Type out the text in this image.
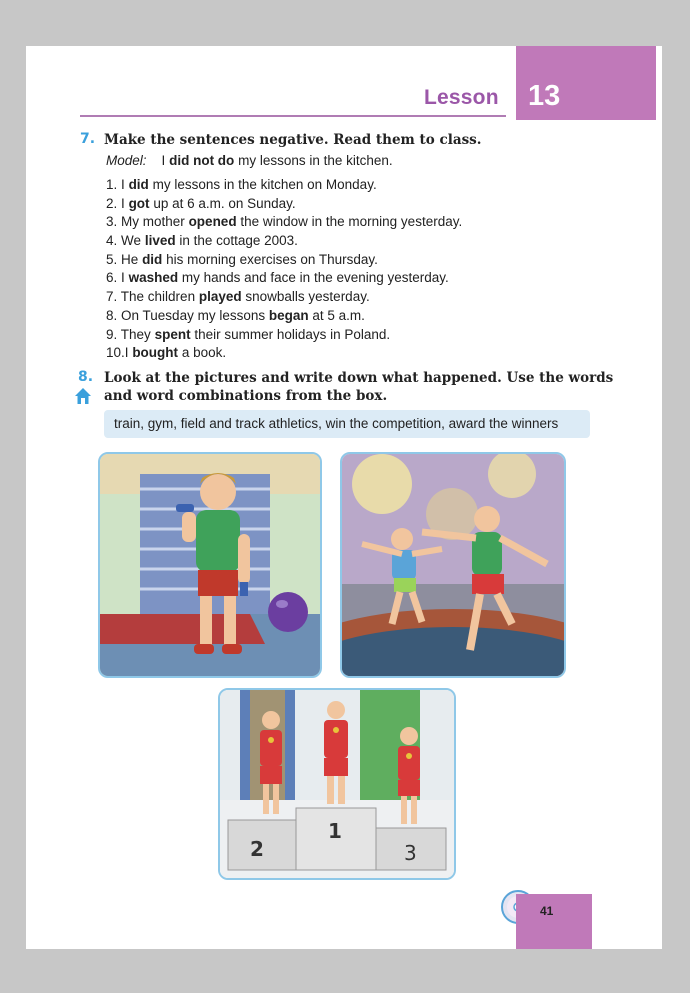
Lesson 13
7. Make the sentences negative. Read them to class.
Model: I did not do my lessons in the kitchen.
1. I did my lessons in the kitchen on Monday.
2. I got up at 6 a.m. on Sunday.
3. My mother opened the window in the morning yesterday.
4. We lived in the cottage 2003.
5. He did his morning exercises on Thursday.
6. I washed my hands and face in the evening yesterday.
7. The children played snowballs yesterday.
8. On Tuesday my lessons began at 5 a.m.
9. They spent their summer holidays in Poland.
10.I bought a book.
8. Look at the pictures and write down what happened. Use the words
and word combinations from the box.
train, gym, field and track athletics, win the competition, award the winners
2
1
3
41
